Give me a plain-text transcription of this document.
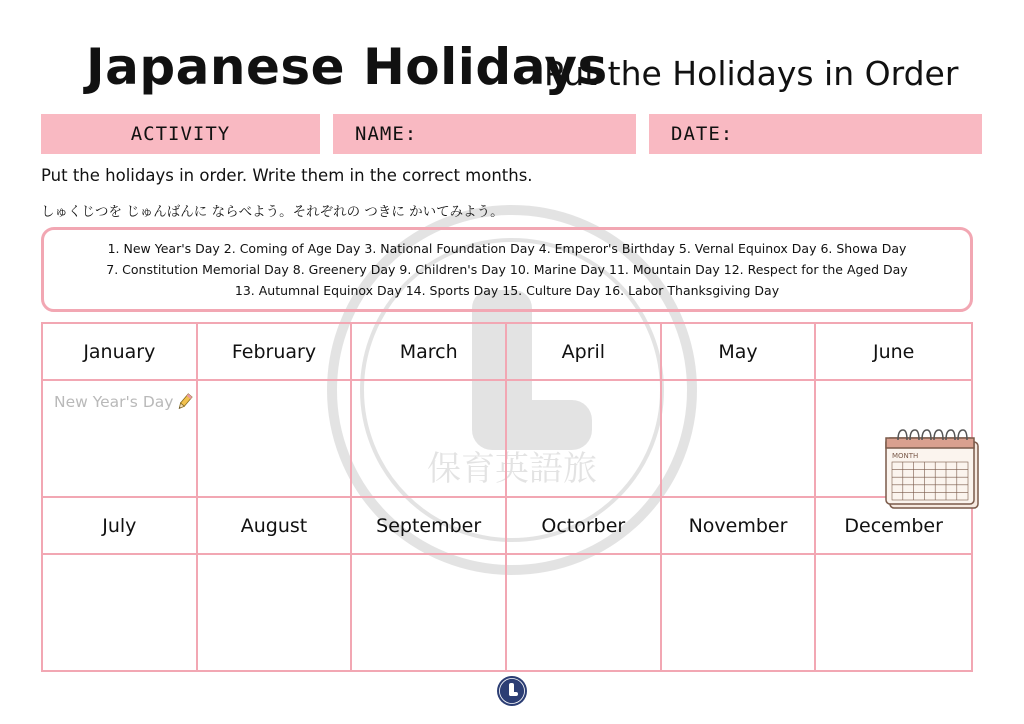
保育英語旅
Japanese Holidays
Put the Holidays in Order
ACTIVITY	NAME:	DATE:
Put the holidays in order. Write them in the correct months.
しゅくじつを じゅんばんに ならべよう。それぞれの つきに かいてみよう。
1. New Year's Day 2. Coming of Age Day 3. National Foundation Day 4. Emperor's Birthday 5. Vernal Equinox Day 6. Showa Day
7. Constitution Memorial Day 8. Greenery Day 9. Children's Day 10. Marine Day 11. Mountain Day 12. Respect for the Aged Day
13. Autumnal Equinox Day 14. Sports Day 15. Culture Day 16. Labor Thanksgiving Day
January	February	March	April	May	June
New Year's Day
July	August	September	Octorber	November	December
MONTH
